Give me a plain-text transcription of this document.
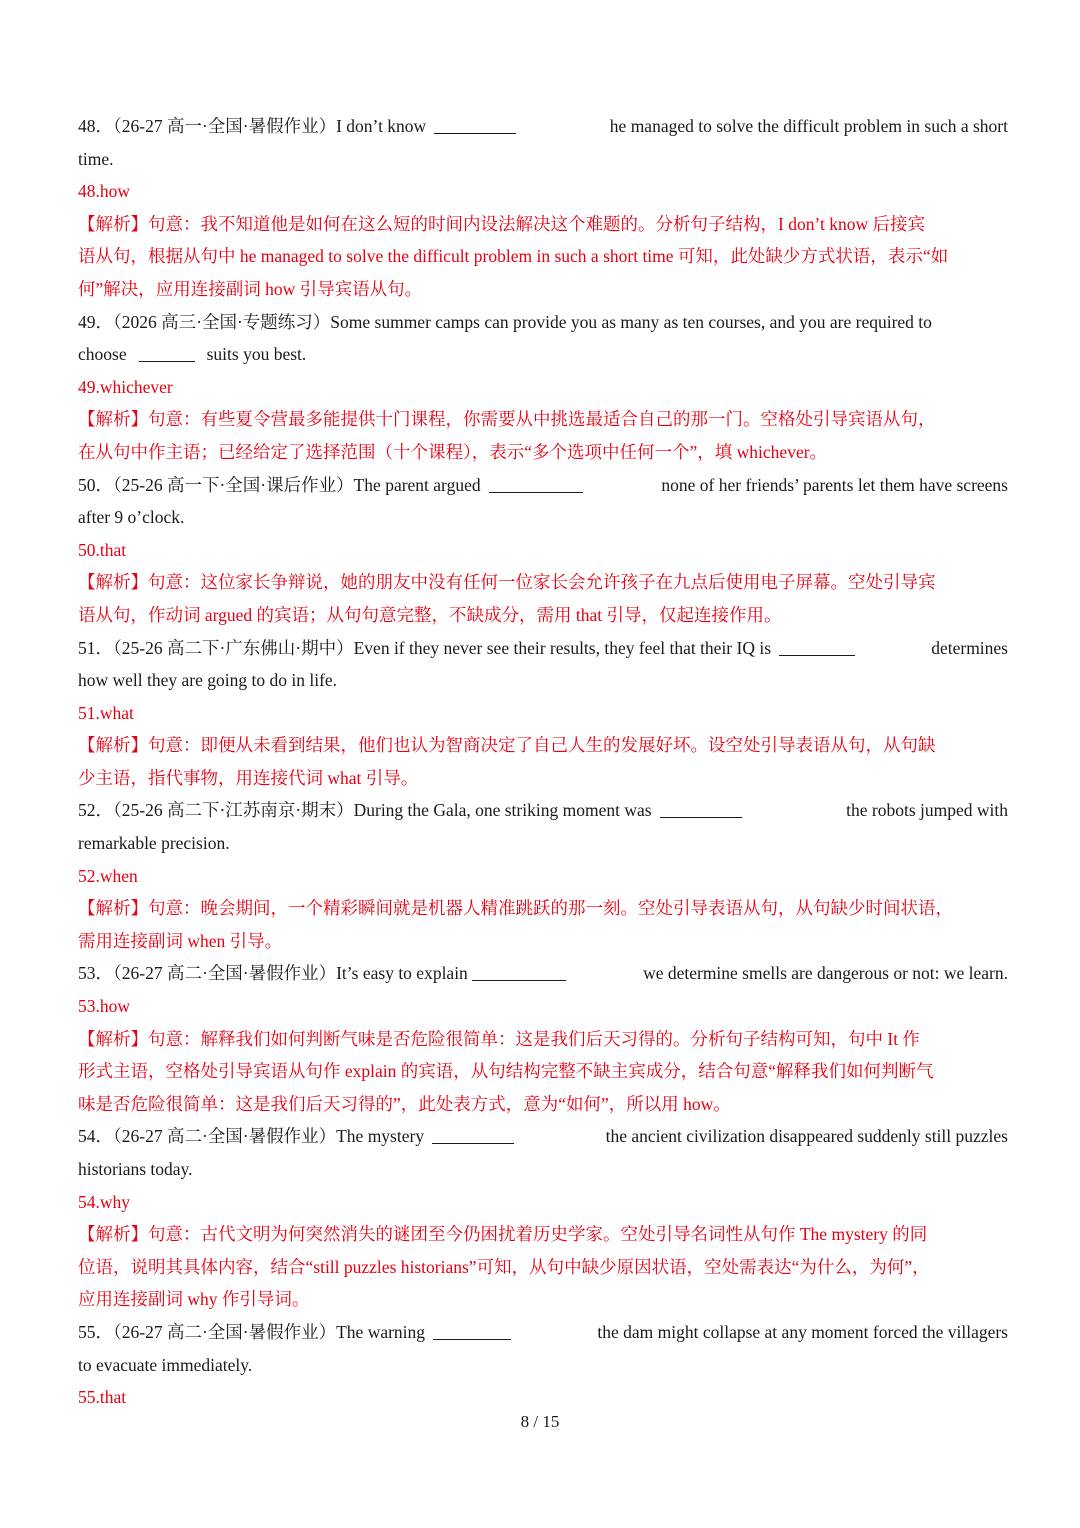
48．（26-27 高一·全国·暑假作业）I don’t know	he managed to solve the difficult problem in such a short
time.
48.how
【解析】 句意：我不知道他是如何在这么短的时间内设法解决这个难题的。分析句子结构，I don’t know 后接宾
语从句，根据从句中 he managed to solve the difficult problem in such a short time 可知，此处缺少方式状语，表示“如
何”解决，应用连接副词 how 引导宾语从句。
49．（2026 高三·全国·专题练习）Some summer camps can provide you as many as ten courses, and you are required to
choose	suits you best.
49.whichever
【解析】句意：有些夏令营最多能提供十门课程，你需要从中挑选最适合自己的那一门。空格处引导宾语从句，
在从句中作主语；已经给定了选择范围（十个课程），表示“多个选项中任何一个”，填 whichever。
50．（25-26 高一下·全国·课后作业）The parent argued	none of her friends’ parents let them have screens
after 9 o’clock.
50.that
【解析】句意：这位家长争辩说，她的朋友中没有任何一位家长会允许孩子在九点后使用电子屏幕。空处引导宾
语从句，作动词 argued 的宾语；从句句意完整，不缺成分，需用 that 引导，仅起连接作用。
51．（25-26 高二下·广东佛山·期中）Even if they never see their results, they feel that their IQ is	determines
how well they are going to do in life.
51.what
【解析】句意：即便从未看到结果，他们也认为智商决定了自己人生的发展好坏。设空处引导表语从句，从句缺
少主语，指代事物，用连接代词 what 引导。
52．（25-26 高二下·江苏南京·期末）During the Gala, one striking moment was	the robots jumped with
remarkable precision.
52.when
【解析】句意：晚会期间，一个精彩瞬间就是机器人精准跳跃的那一刻。空处引导表语从句，从句缺少时间状语，
需用连接副词 when 引导。
53．（26-27 高二·全国·暑假作业）It’s easy to explain	we determine smells are dangerous or not: we learn.
53.how
【解析】句意：解释我们如何判断气味是否危险很简单：这是我们后天习得的。分析句子结构可知，句中 It 作
形式主语，空格处引导宾语从句作 explain 的宾语，从句结构完整不缺主宾成分，结合句意“解释我们如何判断气
味是否危险很简单：这是我们后天习得的”，此处表方式，意为“如何”，所以用 how。
54．（26-27 高二·全国·暑假作业）The mystery	the ancient civilization disappeared suddenly still puzzles
historians today.
54.why
【解析】句意：古代文明为何突然消失的谜团至今仍困扰着历史学家。空处引导名词性从句作 The mystery 的同
位语，说明其具体内容，结合“still puzzles historians”可知，从句中缺少原因状语，空处需表达“为什么，为何”，
应用连接副词 why 作引导词。
55．（26-27 高二·全国·暑假作业）The warning	the dam might collapse at any moment forced the villagers
to evacuate immediately.
55.that
8 / 15
